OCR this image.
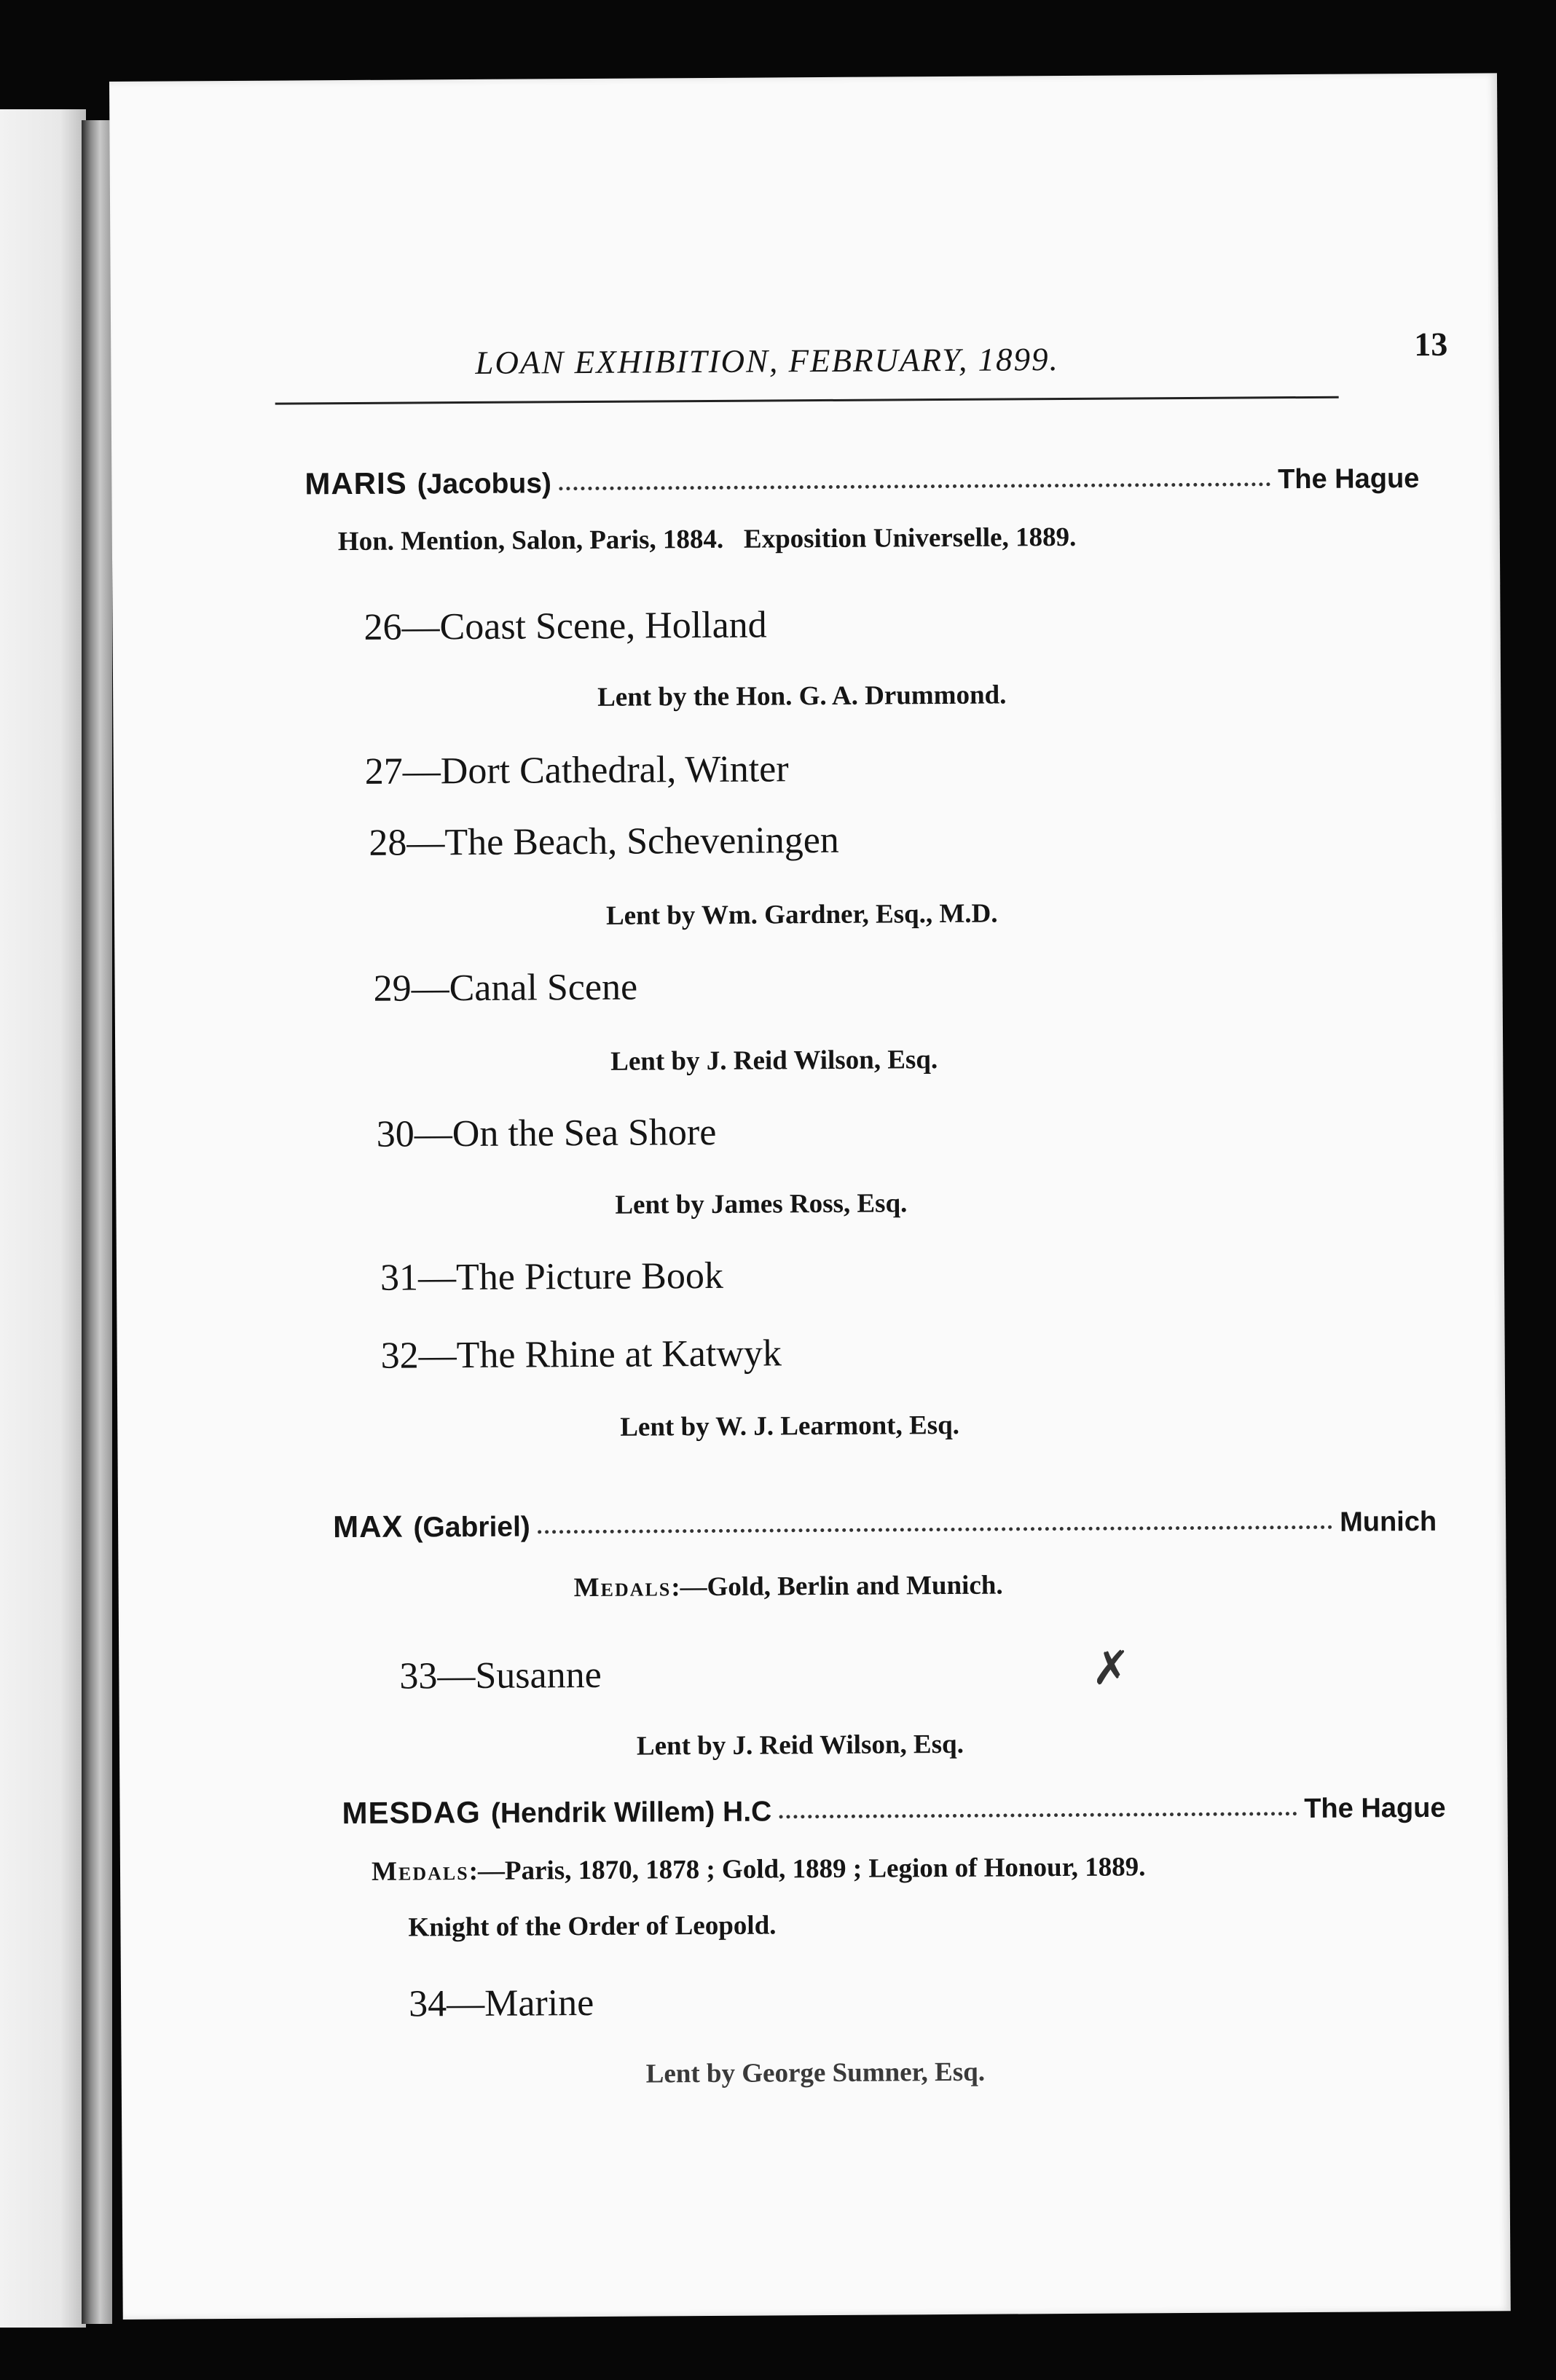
LOAN EXHIBITION, FEBRUARY, 1899.	13
MARIS (Jacobus)	The Hague
Hon. Mention, Salon, Paris, 1884.   Exposition Universelle, 1889.
26—Coast Scene, Holland
Lent by the Hon. G. A. Drummond.
27—Dort Cathedral, Winter
28—The Beach, Scheveningen
Lent by Wm. Gardner, Esq., M.D.
29—Canal Scene
Lent by J. Reid Wilson, Esq.
30—On the Sea Shore
Lent by James Ross, Esq.
31—The Picture Book
32—The Rhine at Katwyk
Lent by W. J. Learmont, Esq.
MAX (Gabriel)	Munich
Medals:—Gold, Berlin and Munich.
33—Susanne	✗
Lent by J. Reid Wilson, Esq.
MESDAG (Hendrik Willem) H.C	The Hague
Medals:—Paris, 1870, 1878 ; Gold, 1889 ; Legion of Honour, 1889.
Knight of the Order of Leopold.
34—Marine
Lent by George Sumner, Esq.
